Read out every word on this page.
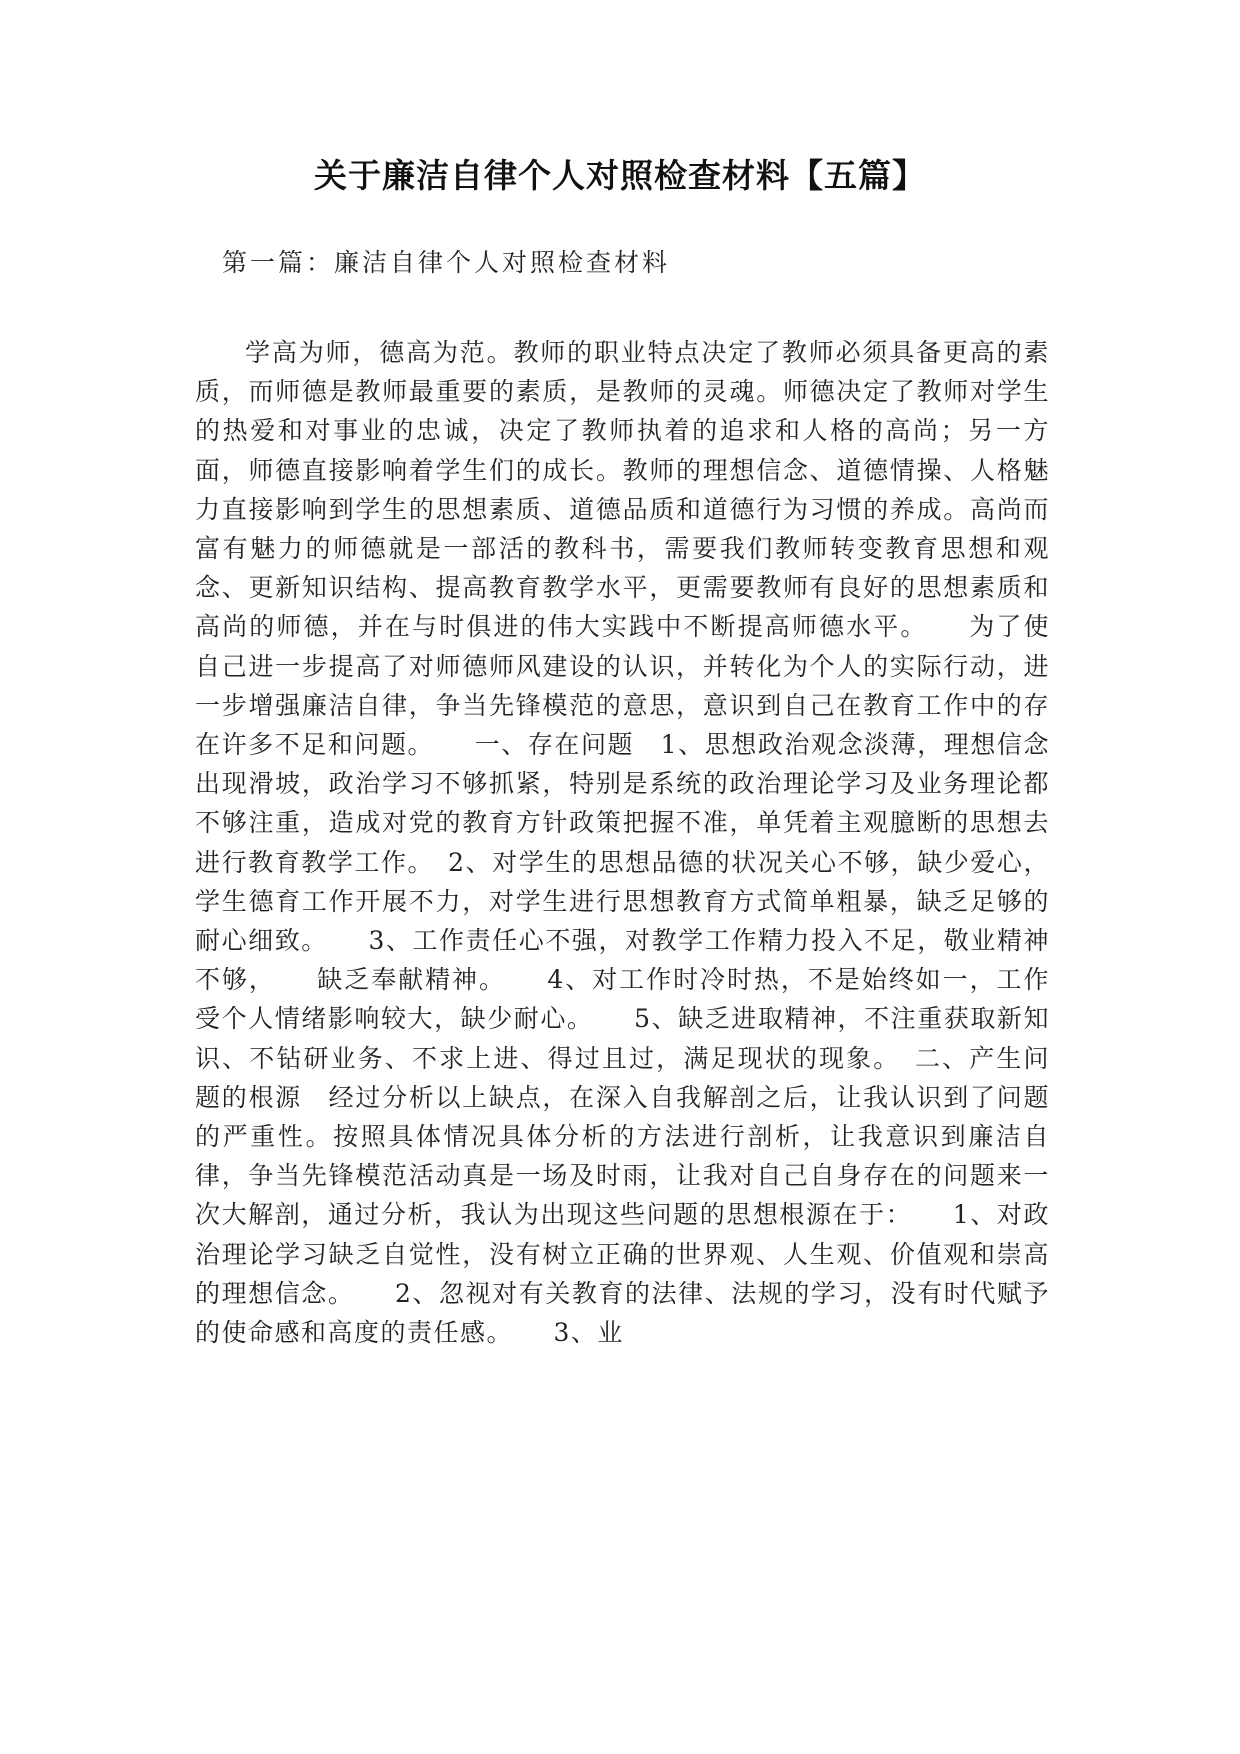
关于廉洁自律个人对照检查材料【五篇】

第一篇：廉洁自律个人对照检查材料

学高为师，德高为范。教师的职业特点决定了教师必须具备更高的素质，而师德是教师最重要的素质，是教师的灵魂。师德决定了教师对学生的热爱和对事业的忠诚，决定了教师执着的追求和人格的高尚；另一方面，师德直接影响着学生们的成长。教师的理想信念、道德情操、人格魅力直接影响到学生的思想素质、道德品质和道德行为习惯的养成。高尚而富有魅力的师德就是一部活的教科书，需要我们教师转变教育思想和观念、更新知识结构、提高教育教学水平，更需要教师有良好的思想素质和高尚的师德，并在与时俱进的伟大实践中不断提高师德水平。　　为了使自己进一步提高了对师德师风建设的认识，并转化为个人的实际行动，进一步增强廉洁自律，争当先锋模范的意思，意识到自己在教育工作中的存在许多不足和问题。　　一、存在问题　1、思想政治观念淡薄，理想信念出现滑坡，政治学习不够抓紧，特别是系统的政治理论学习及业务理论都不够注重，造成对党的教育方针政策把握不准，单凭着主观臆断的思想去进行教育教学工作。　2、对学生的思想品德的状况关心不够，缺少爱心，学生德育工作开展不力，对学生进行思想教育方式简单粗暴，缺乏足够的耐心细致。　　3、工作责任心不强，对教学工作精力投入不足，敬业精神不够，　　缺乏奉献精神。　　4、对工作时冷时热，不是始终如一，工作受个人情绪影响较大，缺少耐心。　　5、缺乏进取精神，不注重获取新知识、不钻研业务、不求上进、得过且过，满足现状的现象。　二、产生问题的根源　经过分析以上缺点，在深入自我解剖之后，让我认识到了问题的严重性。按照具体情况具体分析的方法进行剖析，让我意识到廉洁自律，争当先锋模范活动真是一场及时雨，让我对自己自身存在的问题来一次大解剖，通过分析，我认为出现这些问题的思想根源在于：　　1、对政治理论学习缺乏自觉性，没有树立正确的世界观、人生观、价值观和崇高的理想信念。　　2、忽视对有关教育的法律、法规的学习，没有时代赋予的使命感和高度的责任感。　　3、业
